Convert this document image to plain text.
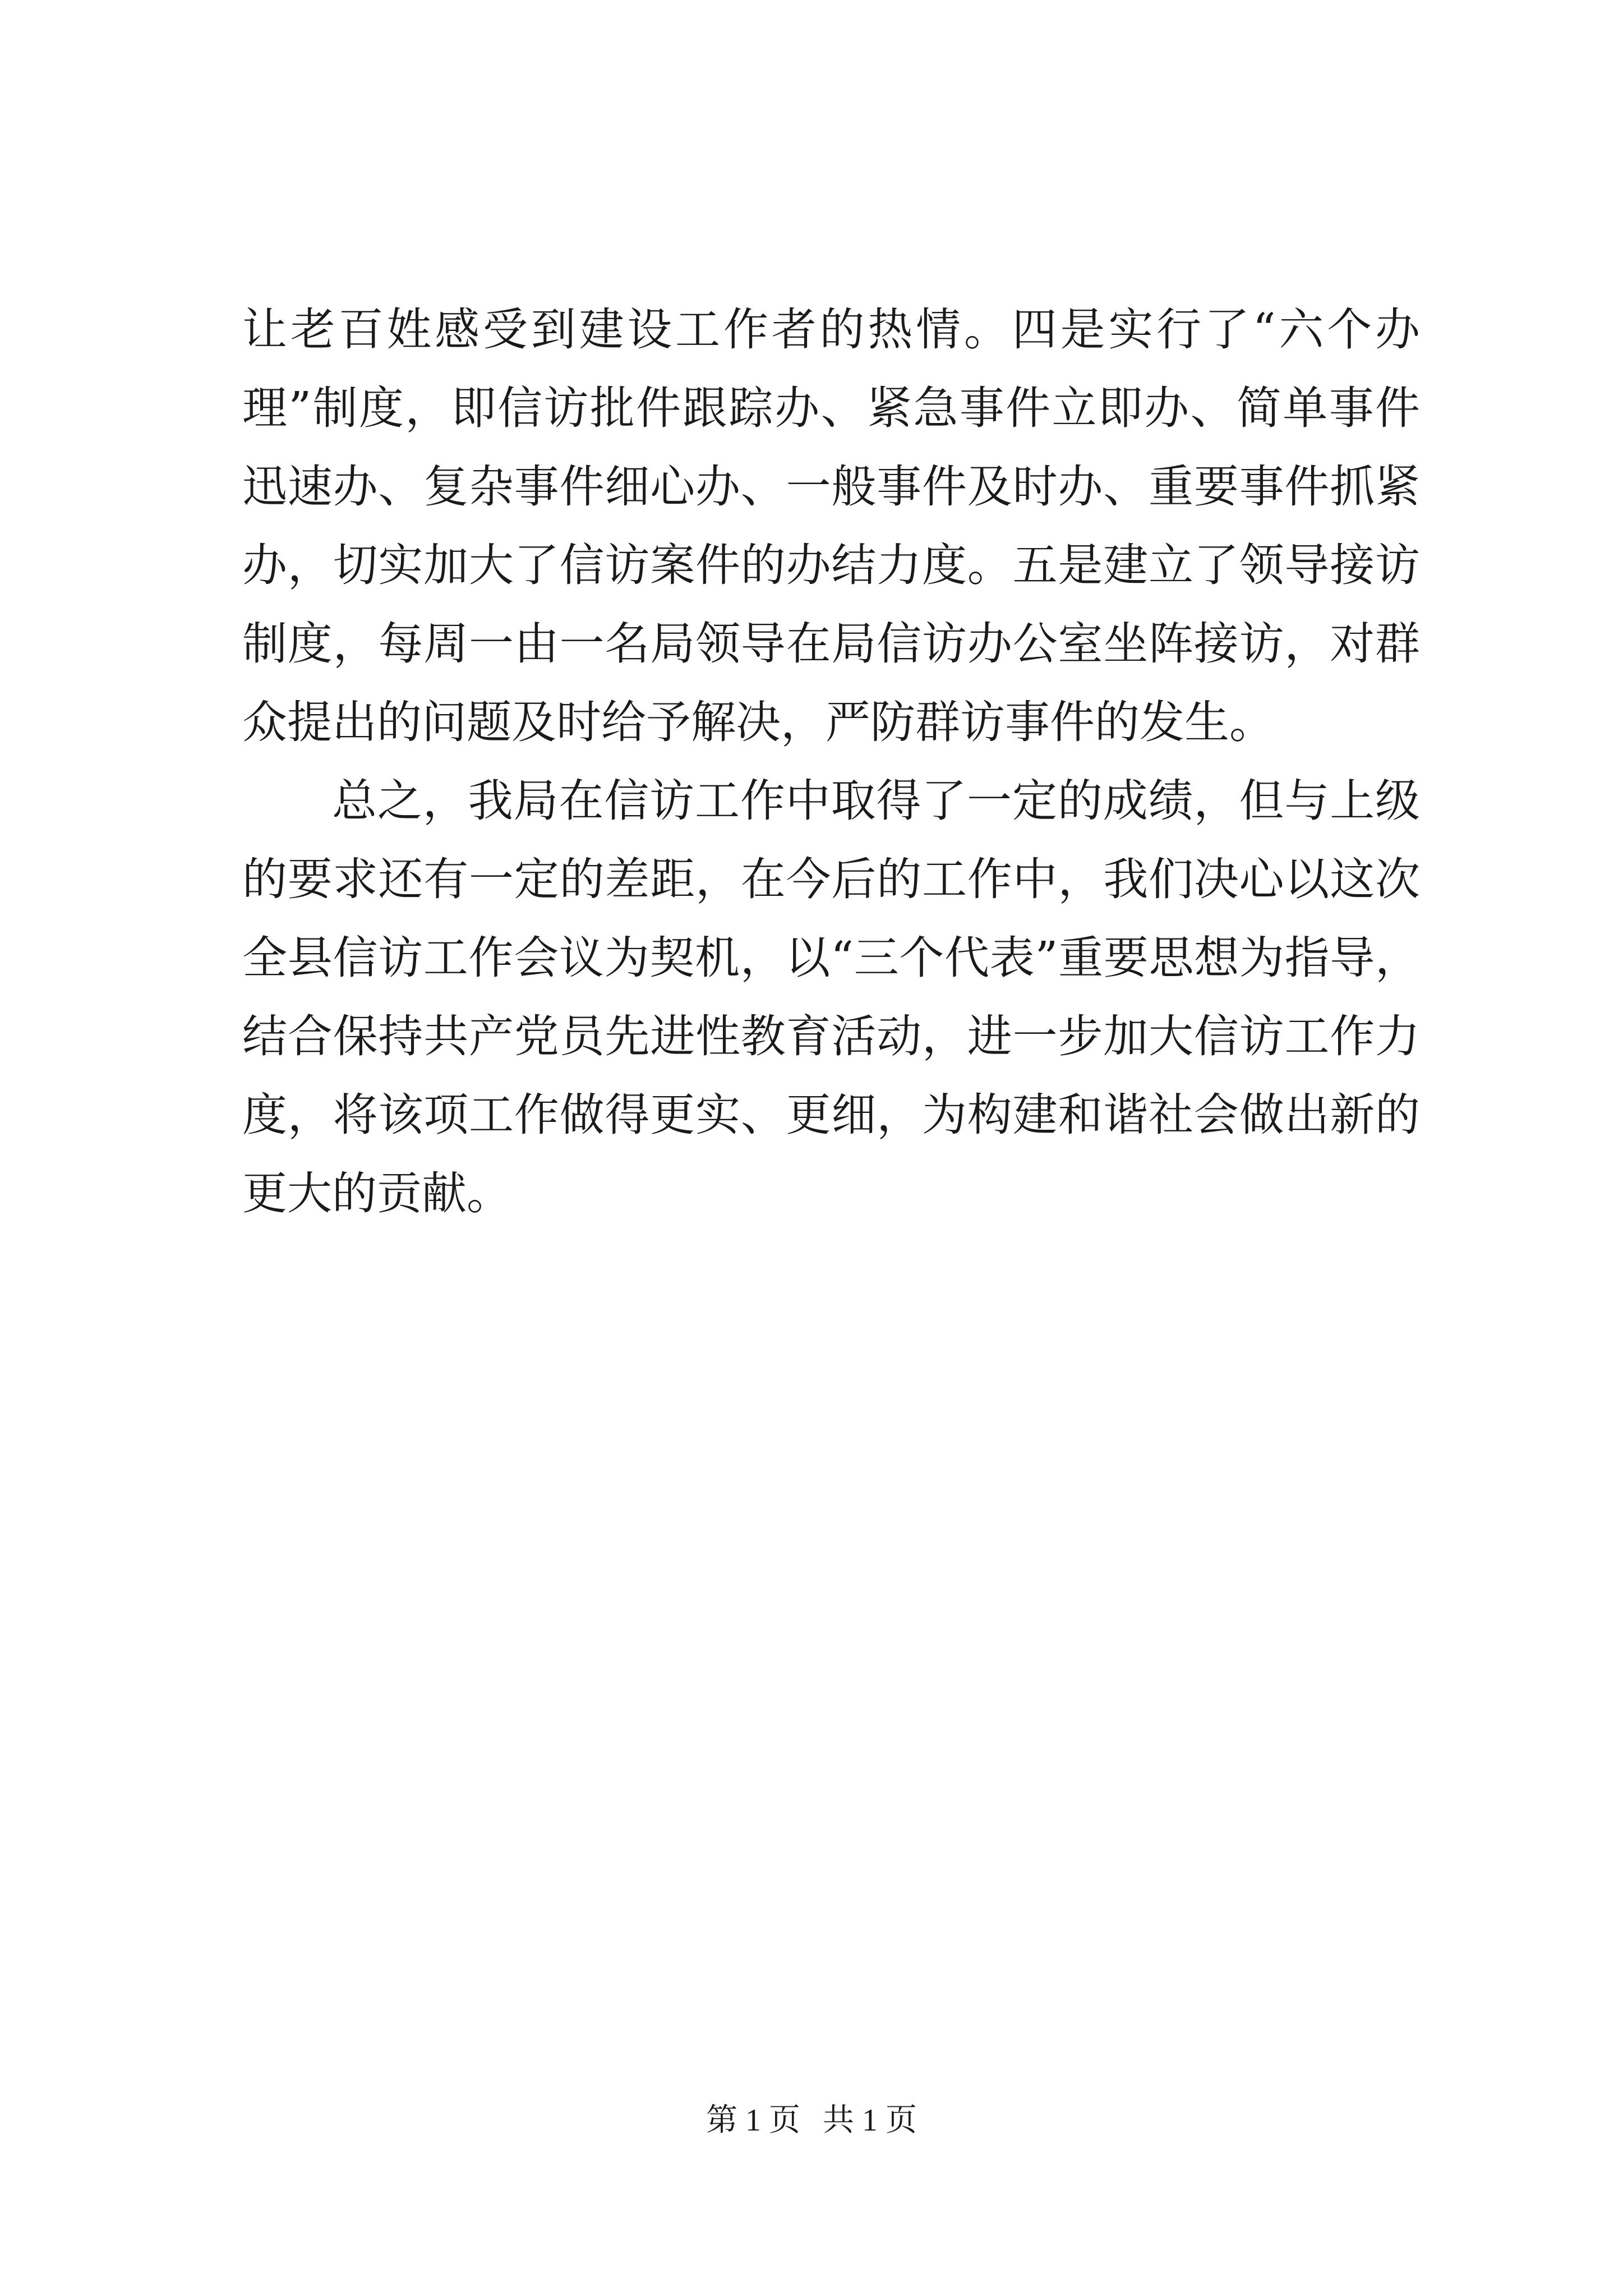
让老百姓感受到建设工作者的热情。四是实行了“六个办理”制度，即信访批件跟踪办、紧急事件立即办、简单事件迅速办、复杂事件细心办、一般事件及时办、重要事件抓紧办，切实加大了信访案件的办结力度。五是建立了领导接访制度，每周一由一名局领导在局信访办公室坐阵接访，对群众提出的问题及时给予解决，严防群访事件的发生。

总之，我局在信访工作中取得了一定的成绩，但与上级的要求还有一定的差距，在今后的工作中，我们决心以这次全县信访工作会议为契机，以“三个代表”重要思想为指导，结合保持共产党员先进性教育活动，进一步加大信访工作力度，将该项工作做得更实、更细，为构建和谐社会做出新的更大的贡献。

第 1 页 共 1 页
